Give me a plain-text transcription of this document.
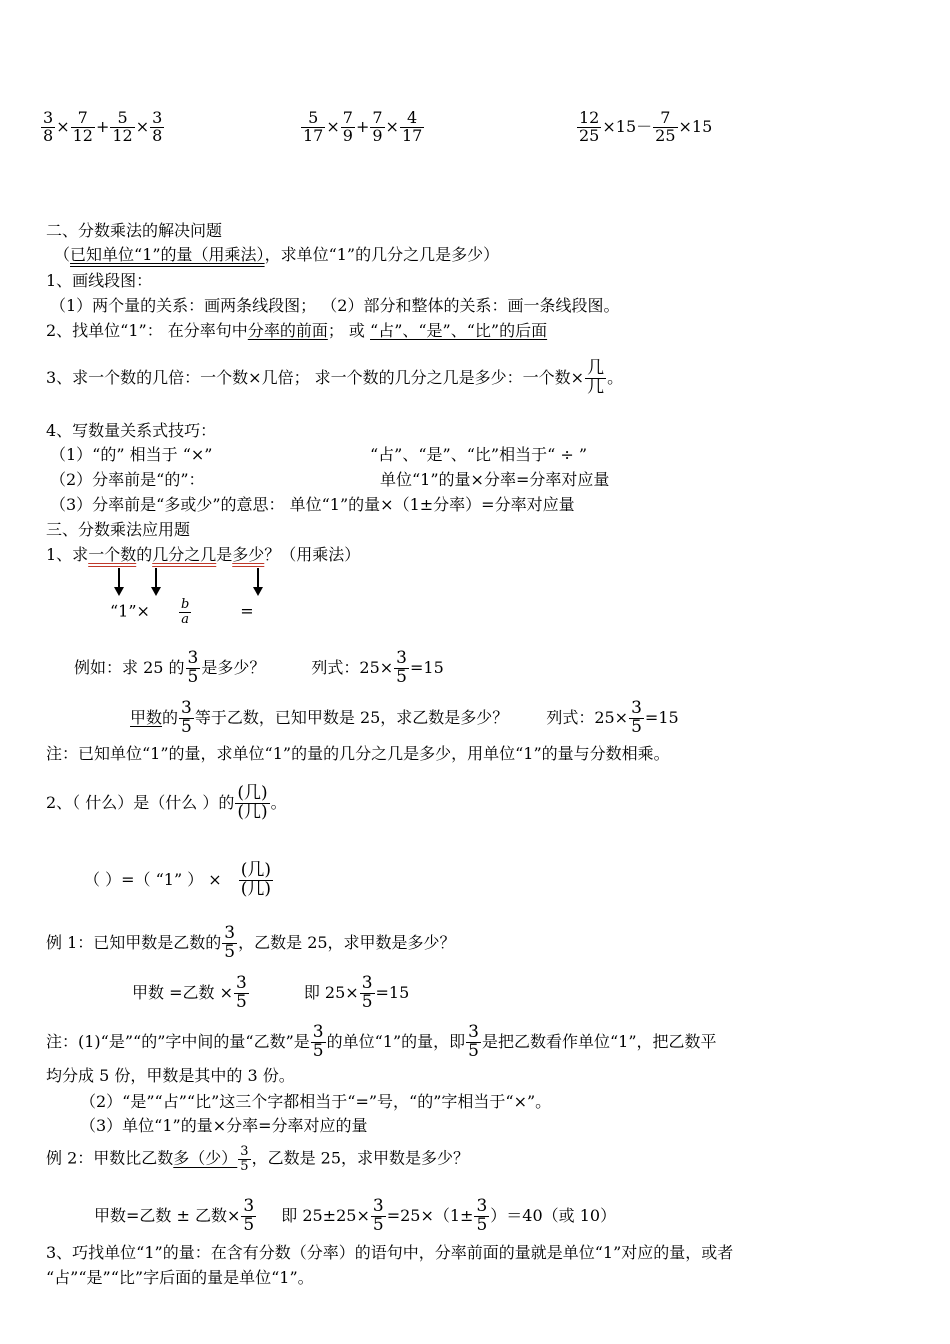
$\frac{3}{8} \times \frac{7}{12} + \frac{5}{12} \times \frac{3}{8}$	$\frac{5}{17} \times \frac{7}{9} + \frac{7}{9} \times \frac{4}{17}$	$\frac{12}{25} \times 15- \frac{7}{25} \times 15$
二、分数乘法的解决问题
（已知单位“1”的量（用乘法），求单位“1”的几分之几是多少）
1、画线段图：
（1）两个量的关系：画两条线段图； （2）部分和整体的关系：画一条线段图。
2、找单位“1”： 在分率句中分率的前面； 或 “占”、“是”、“比”的后面
3、求一个数的几倍：一个数×几倍； 求一个数的几分之几是多少：一个数× 几
几 。
4、写数量关系式技巧：
（1）“的” 相当于 “×”	“占”、“是”、“比”相当于“ ÷ ”
（2）分率前是“的”：	单位“1”的量×分率=分率对应量
（3）分率前是“多或少”的意思： 单位“1”的量×（1±分率）=分率对应量
三、分数乘法应用题
1、求一个数的几分之几是多少？（用乘法）
“1”× $\frac{b}{a}$	=
例如：求 25 的 $\frac{3}{5}$ 是多少？	列式：$25\times \frac{3}{5} =15$
甲数的 $\frac{3}{5}$ 等于乙数，已知甲数是 25，求乙数是多少？ 列式：$25\times \frac{3}{5} =15$
注：已知单位“1”的量，求单位“1”的量的几分之几是多少，用单位“1”的量与分数相乘。
2、（ 什么）是（什么 ）的 (几)
(几) 。
（ ）=（ “1” ） × (几)
(几)
例 1：已知甲数是乙数的 $\frac{3}{5}$ ，乙数是 25，求甲数是多少？
甲数 =乙数 × $\frac{3}{5}$	即 $25\times \frac{3}{5} =15$
注：(1)“是”“的”字中间的量“乙数”是 $\frac{3}{5}$ 的单位“1”的量，即 $\frac{3}{5}$ 是把乙数看作单位“1”，把乙数平
均分成 5 份，甲数是其中的 3 份。
（2）“是”“占”“比”这三个字都相当于“=”号，“的”字相当于“×”。
（3）单位“1”的量×分率=分率对应的量
例 2：甲数比乙数多（少） $\frac{3}{5}$ ，乙数是 25，求甲数是多少？
甲数=乙数 ± 乙数× $\frac{3}{5}$ 即 $25\pm 25\times \frac{3}{5} =25\times(1\pm \frac{3}{5} )=40$（或 10）
3、巧找单位“1”的量：在含有分数（分率）的语句中，分率前面的量就是单位“1”对应的量，或者
“占”“是”“比”字后面的量是单位“1”。
